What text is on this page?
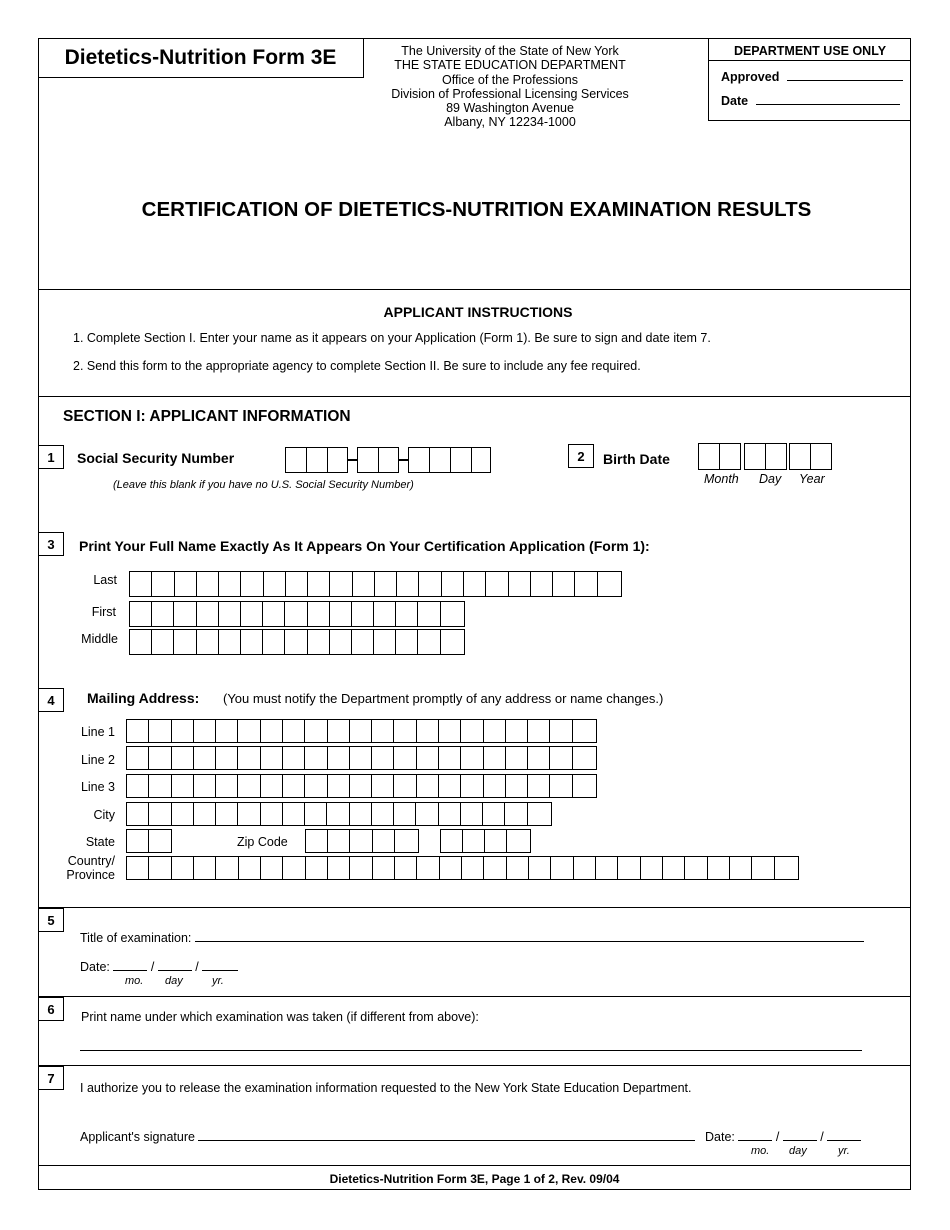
Dietetics-Nutrition Form 3E	The University of the State of New York
THE STATE EDUCATION DEPARTMENT
Office of the Professions
Division of Professional Licensing Services
89 Washington Avenue
Albany, NY 12234-1000
DEPARTMENT USE ONLY
Approved
Date
CERTIFICATION OF DIETETICS-NUTRITION EXAMINATION RESULTS
APPLICANT INSTRUCTIONS
1. Complete Section I. Enter your name as it appears on your Application (Form 1). Be sure to sign and date item 7.
2. Send this form to the appropriate agency to complete Section II. Be sure to include any fee required.
SECTION I: APPLICANT INFORMATION
1	Social Security Number
(Leave this blank if you have no U.S. Social Security Number)
2	Birth Date
Month Day Year
3	Print Your Full Name Exactly As It Appears On Your Certification Application (Form 1):
Last
First
Middle
4	Mailing Address: (You must notify the Department promptly of any address or name changes.)
Line 1
Line 2
Line 3
City
State	Zip Code
Country/
Province
5
Title of examination:
Date:	/	/
mo. day	yr.
6
Print name under which examination was taken (if different from above):
7
I authorize you to release the examination information requested to the New York State Education Department.
Applicant's signature	Date:	/	/
mo. day	yr.
Dietetics-Nutrition Form 3E, Page 1 of 2, Rev. 09/04
